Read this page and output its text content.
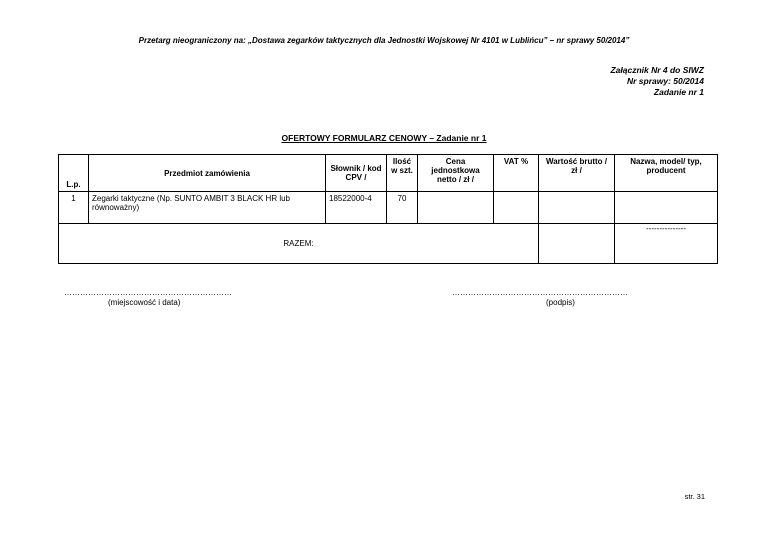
Przetarg nieograniczony na: „Dostawa zegarków taktycznych dla Jednostki Wojskowej Nr 4101 w Lublińcu” – nr sprawy 50/2014”
Załącznik Nr 4 do SIWZ
Nr sprawy: 50/2014
Zadanie nr 1
OFERTOWY FORMULARZ CENOWY – Zadanie nr 1
L.p.	Przedmiot zamówienia	Słownik / kod CPV /	Ilość w szt.	Cena jednostkowa netto / zł /	VAT %	Wartość brutto / zł /	Nazwa, model/ typ, producent
1	Zegarki taktyczne (Np. SUNTO AMBIT 3 BLACK HR lub równoważny)	18522000-4	70				
RAZEM:							---------------
………………………………………………………
(miejscowość i data)
…………………………………………………………
(podpis)
str. 31
